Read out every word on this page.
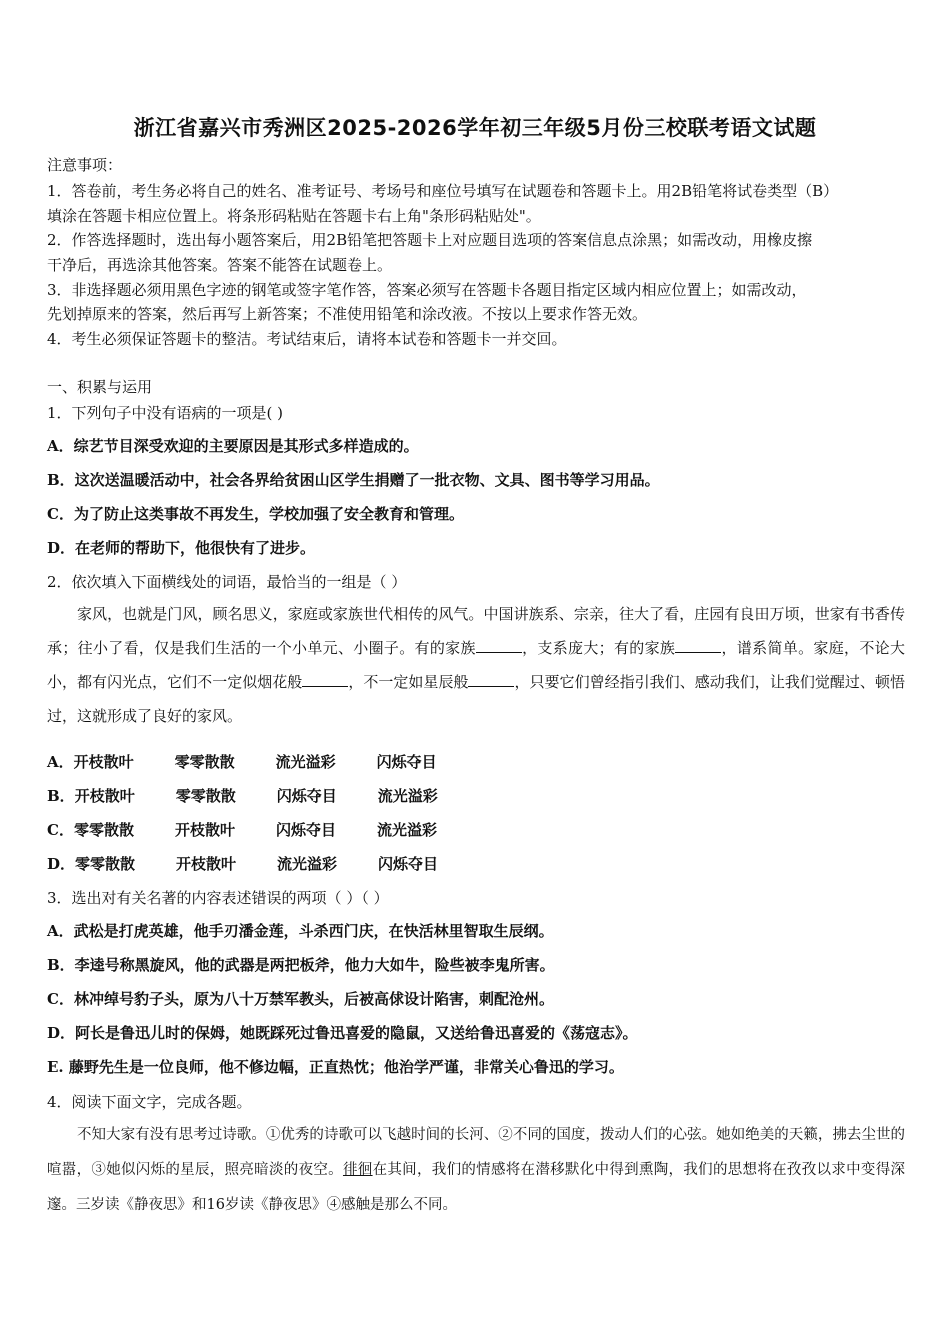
浙江省嘉兴市秀洲区2025-2026学年初三年级5月份三校联考语文试题
注意事项：
1．答卷前，考生务必将自己的姓名、准考证号、考场号和座位号填写在试题卷和答题卡上。用2B铅笔将试卷类型（B）
填涂在答题卡相应位置上。将条形码粘贴在答题卡右上角"条形码粘贴处"。
2．作答选择题时，选出每小题答案后，用2B铅笔把答题卡上对应题目选项的答案信息点涂黑；如需改动，用橡皮擦
干净后，再选涂其他答案。答案不能答在试题卷上。
3．非选择题必须用黑色字迹的钢笔或签字笔作答，答案必须写在答题卡各题目指定区域内相应位置上；如需改动，
先划掉原来的答案，然后再写上新答案；不准使用铅笔和涂改液。不按以上要求作答无效。
4．考生必须保证答题卡的整洁。考试结束后，请将本试卷和答题卡一并交回。
一、积累与运用
1．下列句子中没有语病的一项是( )
A．综艺节目深受欢迎的主要原因是其形式多样造成的。
B．这次送温暖活动中，社会各界给贫困山区学生捐赠了一批衣物、文具、图书等学习用品。
C．为了防止这类事故不再发生，学校加强了安全教育和管理。
D．在老师的帮助下，他很快有了进步。
2．依次填入下面横线处的词语，最恰当的一组是（ ）

家风，也就是门风，顾名思义，家庭或家族世代相传的风气。中国讲族系、宗亲，往大了看，庄园有良田万顷，世家有书香传承；往小了看，仅是我们生活的一个小单元、小圈子。有的家族	，支系庞大；有的家族	，谱系简单。家庭，不论大小，都有闪光点，它们不一定似烟花般	，不一定如星辰般	，只要它们曾经指引我们、感动我们，让我们觉醒过、顿悟过，这就形成了良好的家风。

A．开枝散叶	零零散散	流光溢彩	闪烁夺目
B．开枝散叶	零零散散	闪烁夺目	流光溢彩
C．零零散散	开枝散叶	闪烁夺目	流光溢彩
D．零零散散	开枝散叶	流光溢彩	闪烁夺目
3．选出对有关名著的内容表述错误的两项（ ）（ ）
A．武松是打虎英雄，他手刃潘金莲，斗杀西门庆，在快活林里智取生辰纲。
B．李逵号称黑旋风，他的武器是两把板斧，他力大如牛，险些被李鬼所害。
C．林冲绰号豹子头，原为八十万禁军教头，后被高俅设计陷害，刺配沧州。
D．阿长是鲁迅儿时的保姆，她既踩死过鲁迅喜爱的隐鼠，又送给鲁迅喜爱的《荡寇志》。
E. 藤野先生是一位良师，他不修边幅，正直热忱；他治学严谨，非常关心鲁迅的学习。
4．阅读下面文字，完成各题。

不知大家有没有思考过诗歌。①优秀的诗歌可以飞越时间的长河、②不同的国度，拨动人们的心弦。她如绝美的天籁，拂去尘世的喧嚣，③她似闪烁的星辰，照亮暗淡的夜空。徘徊在其间，我们的情感将在潜移默化中得到熏陶，我们的思想将在孜孜以求中变得深邃。三岁读《静夜思》和16岁读《静夜思》④感触是那么不同。
